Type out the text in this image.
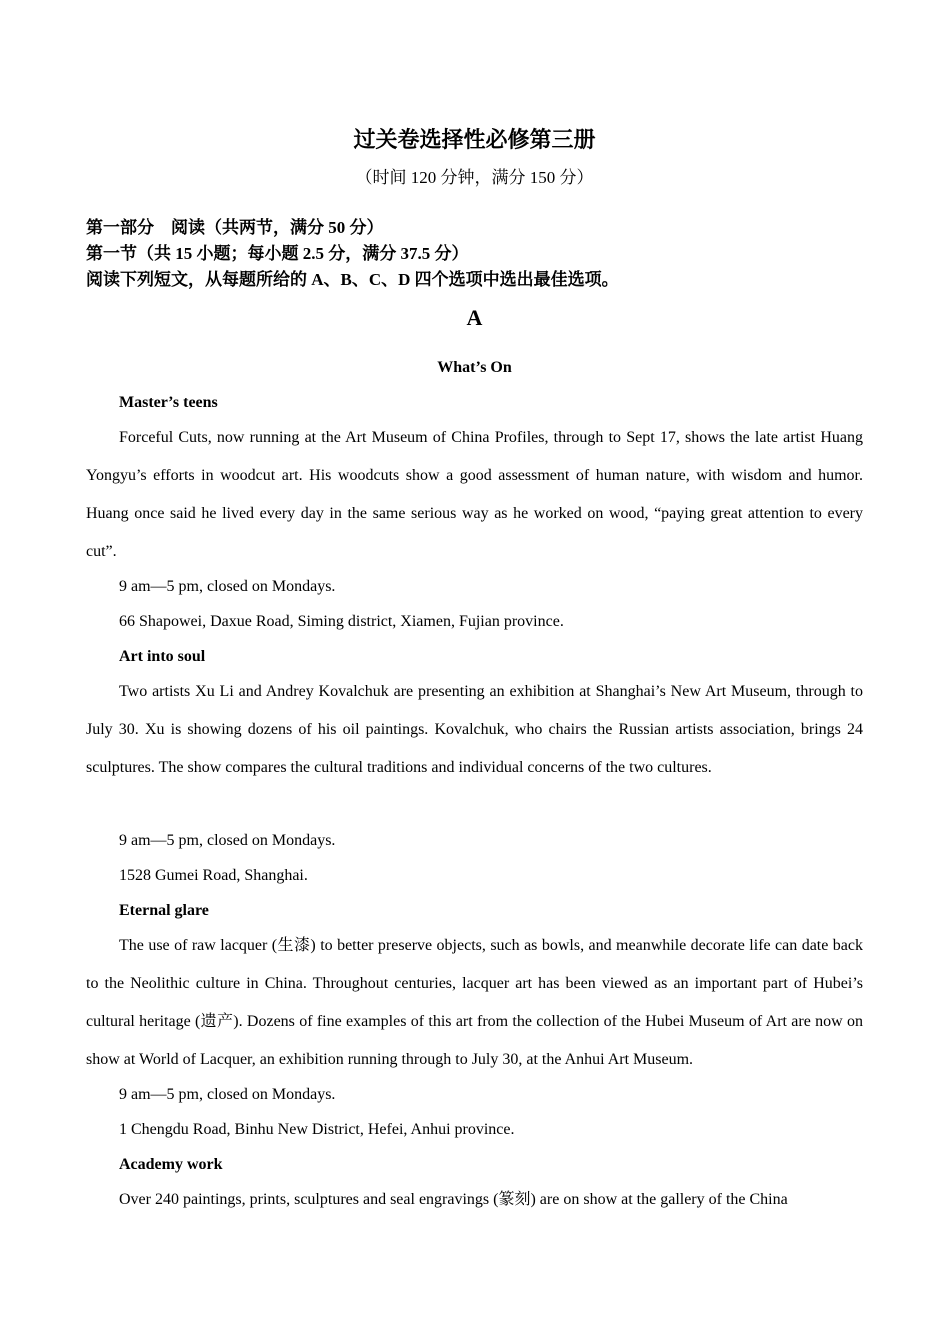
过关卷选择性必修第三册
（时间 120 分钟，满分 150 分）
第一部分　阅读（共两节，满分 50 分）
第一节（共 15 小题；每小题 2.5 分，满分 37.5 分）
阅读下列短文，从每题所给的 A、B、C、D 四个选项中选出最佳选项。
A
What’s On
Master’s teens
Forceful Cuts, now running at the Art Museum of China Profiles, through to Sept 17, shows the late artist Huang Yongyu’s efforts in woodcut art. His woodcuts show a good assessment of human nature, with wisdom and humor. Huang once said he lived every day in the same serious way as he worked on wood, “paying great attention to every cut”.
9 am—5 pm, closed on Mondays.
66 Shapowei, Daxue Road, Siming district, Xiamen, Fujian province.
Art into soul
Two artists Xu Li and Andrey Kovalchuk are presenting an exhibition at Shanghai’s New Art Museum, through to July 30. Xu is showing dozens of his oil paintings. Kovalchuk, who chairs the Russian artists association, brings 24 sculptures. The show compares the cultural traditions and individual concerns of the two cultures.
9 am—5 pm, closed on Mondays.
1528 Gumei Road, Shanghai.
Eternal glare
The use of raw lacquer (生漆) to better preserve objects, such as bowls, and meanwhile decorate life can date back to the Neolithic culture in China. Throughout centuries, lacquer art has been viewed as an important part of Hubei’s cultural heritage (遗产). Dozens of fine examples of this art from the collection of the Hubei Museum of Art are now on show at World of Lacquer, an exhibition running through to July 30, at the Anhui Art Museum.
9 am—5 pm, closed on Mondays.
1 Chengdu Road, Binhu New District, Hefei, Anhui province.
Academy work
Over 240 paintings, prints, sculptures and seal engravings (篆刻) are on show at the gallery of the China
